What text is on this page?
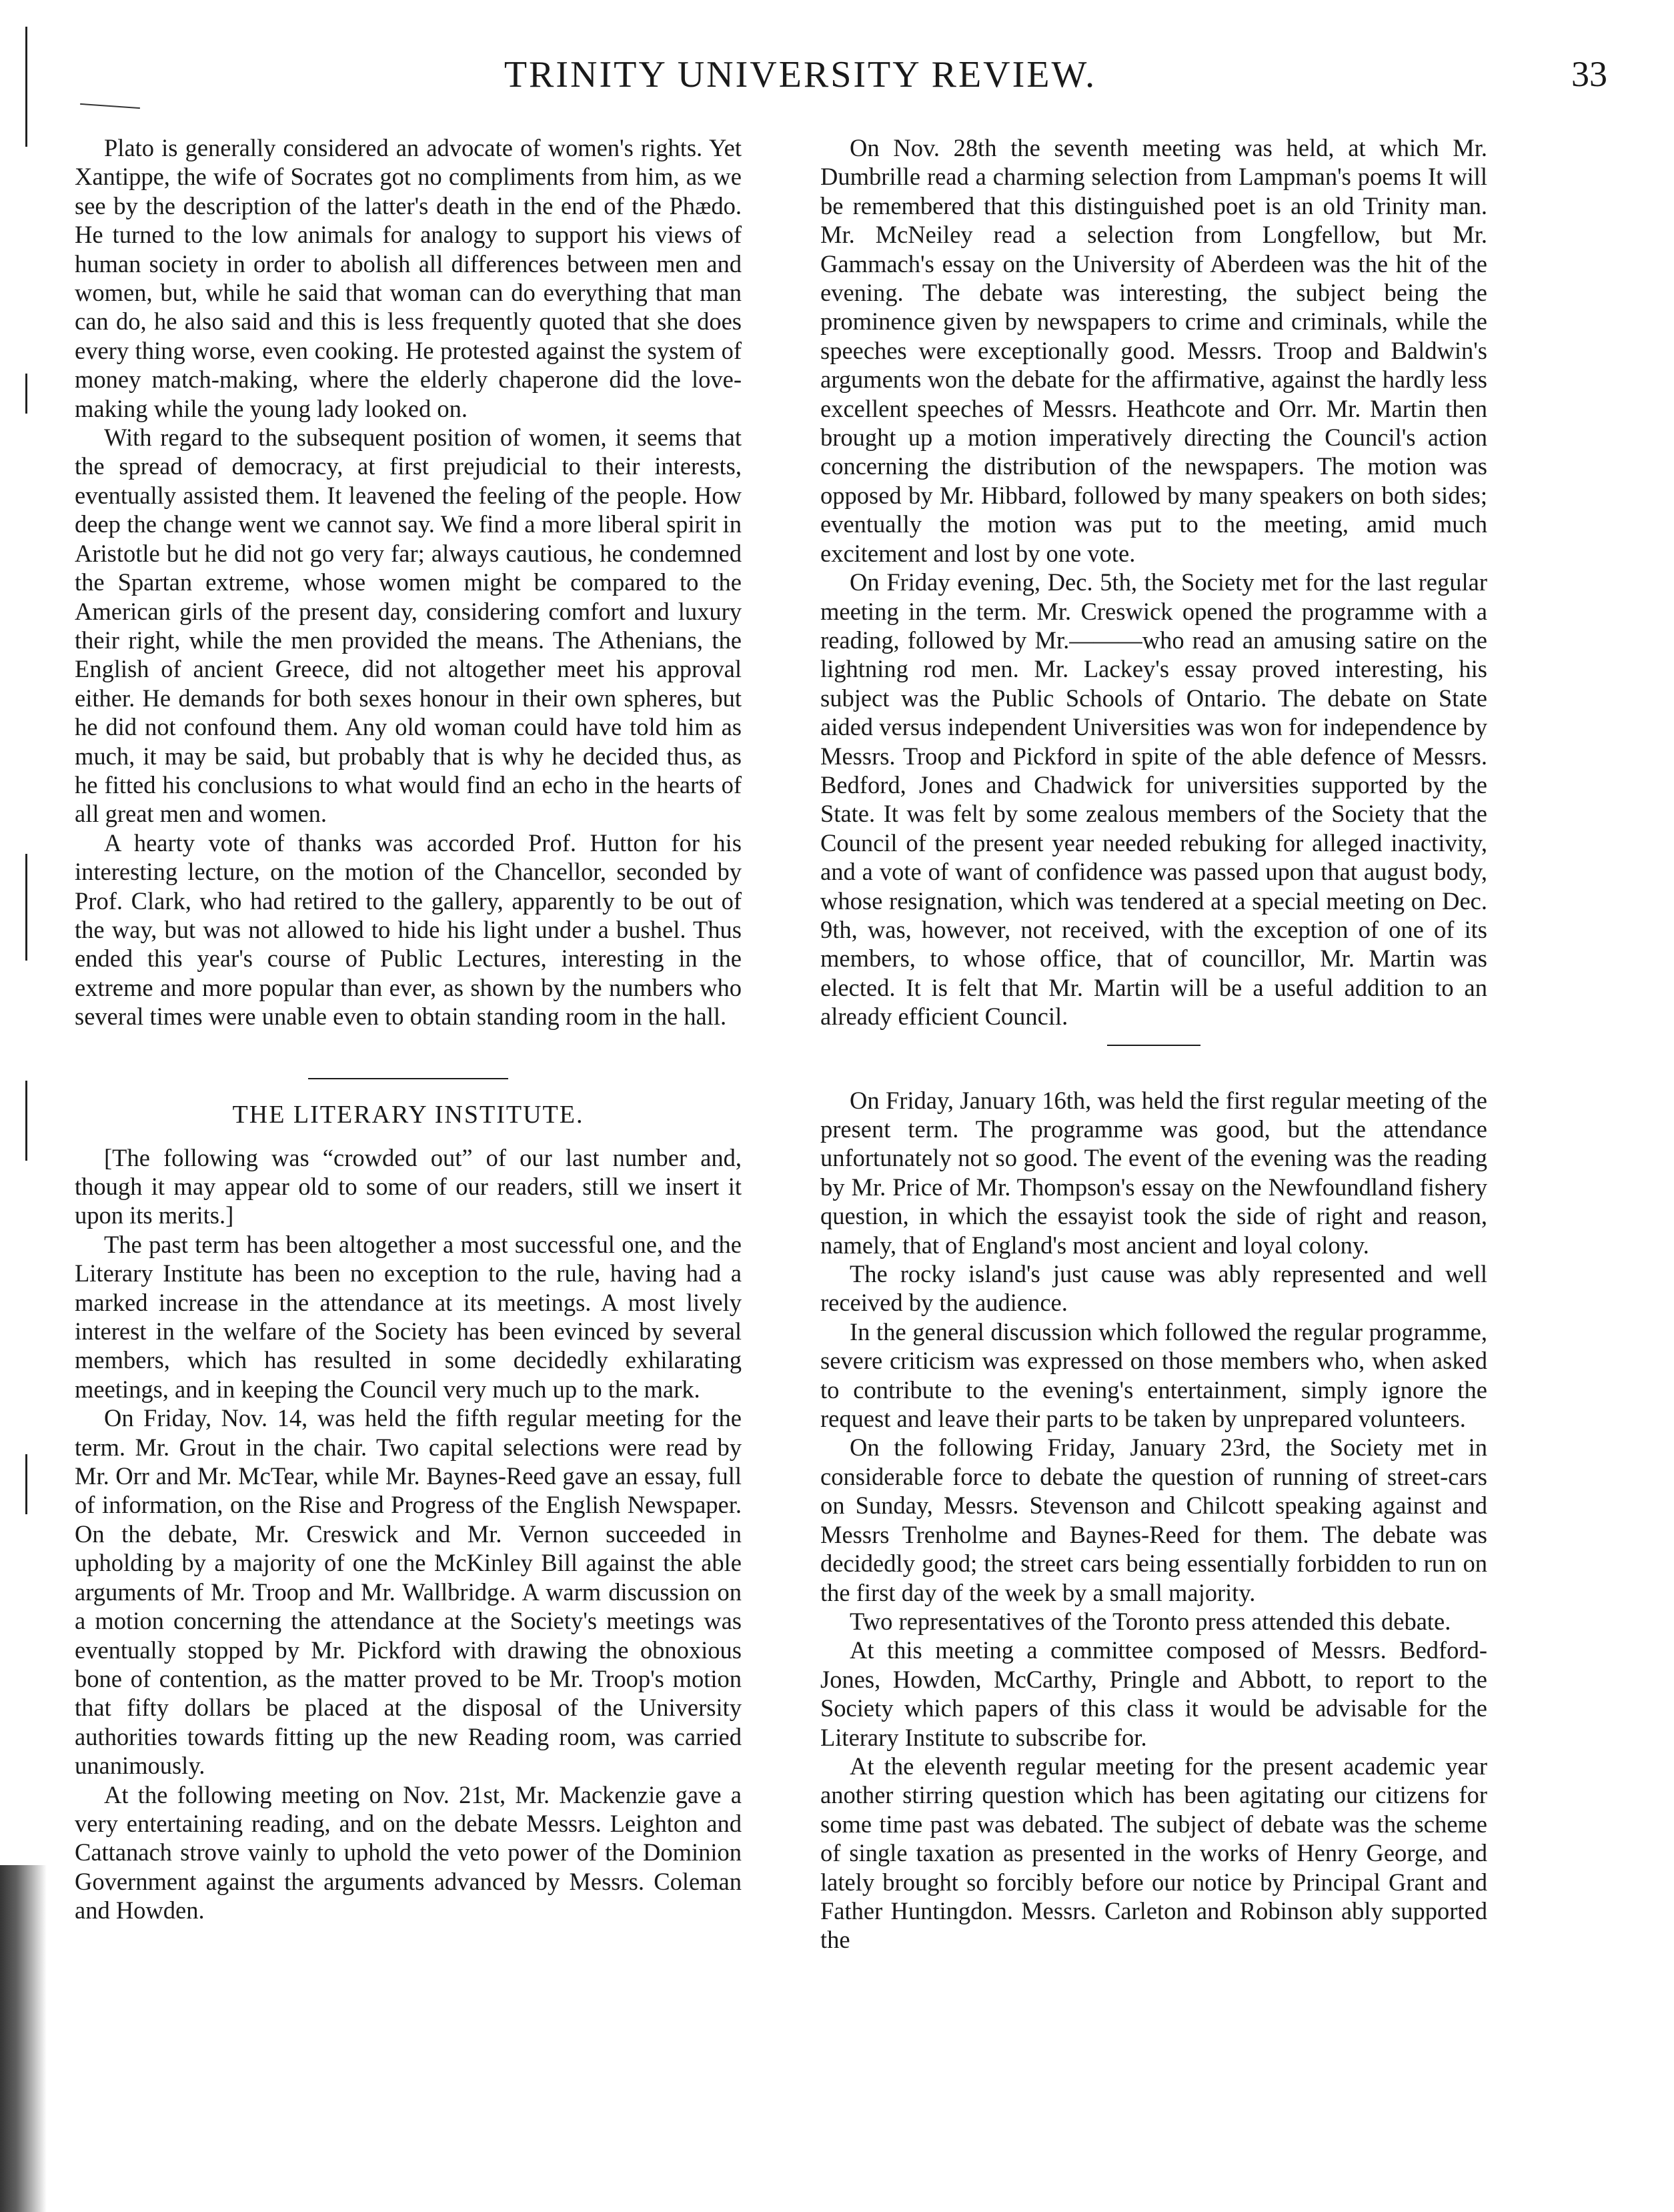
TRINITY UNIVERSITY REVIEW.	33

Plato is generally considered an advocate of women's rights. Yet Xantippe, the wife of Socrates got no compliments from him, as we see by the description of the latter's death in the end of the Phædo. He turned to the low animals for analogy to support his views of human society in order to abolish all differences between men and women, but, while he said that woman can do everything that man can do, he also said and this is less frequently quoted that she does every thing worse, even cooking. He protested against the system of money match-making, where the elderly chaperone did the love-making while the young lady looked on.

With regard to the subsequent position of women, it seems that the spread of democracy, at first prejudicial to their interests, eventually assisted them. It leavened the feeling of the people. How deep the change went we cannot say. We find a more liberal spirit in Aristotle but he did not go very far; always cautious, he condemned the Spartan extreme, whose women might be compared to the American girls of the present day, considering comfort and luxury their right, while the men provided the means. The Athenians, the English of ancient Greece, did not altogether meet his approval either. He demands for both sexes honour in their own spheres, but he did not confound them. Any old woman could have told him as much, it may be said, but probably that is why he decided thus, as he fitted his conclusions to what would find an echo in the hearts of all great men and women.

A hearty vote of thanks was accorded Prof. Hutton for his interesting lecture, on the motion of the Chancellor, seconded by Prof. Clark, who had retired to the gallery, apparently to be out of the way, but was not allowed to hide his light under a bushel. Thus ended this year's course of Public Lectures, interesting in the extreme and more popular than ever, as shown by the numbers who several times were unable even to obtain standing room in the hall.

THE LITERARY INSTITUTE.

[The following was “crowded out” of our last number and, though it may appear old to some of our readers, still we insert it upon its merits.]

The past term has been altogether a most successful one, and the Literary Institute has been no exception to the rule, having had a marked increase in the attendance at its meetings. A most lively interest in the welfare of the Society has been evinced by several members, which has resulted in some decidedly exhilarating meetings, and in keeping the Council very much up to the mark.

On Friday, Nov. 14, was held the fifth regular meeting for the term. Mr. Grout in the chair. Two capital selections were read by Mr. Orr and Mr. McTear, while Mr. Baynes-Reed gave an essay, full of information, on the Rise and Progress of the English Newspaper. On the debate, Mr. Creswick and Mr. Vernon succeeded in upholding by a majority of one the McKinley Bill against the able arguments of Mr. Troop and Mr. Wallbridge. A warm discussion on a motion concerning the attendance at the Society's meetings was eventually stopped by Mr. Pickford with drawing the obnoxious bone of contention, as the matter proved to be Mr. Troop's motion that fifty dollars be placed at the disposal of the University authorities towards fitting up the new Reading room, was carried unanimously.

At the following meeting on Nov. 21st, Mr. Mackenzie gave a very entertaining reading, and on the debate Messrs. Leighton and Cattanach strove vainly to uphold the veto power of the Dominion Government against the arguments advanced by Messrs. Coleman and Howden.

On Nov. 28th the seventh meeting was held, at which Mr. Dumbrille read a charming selection from Lampman's poems It will be remembered that this distinguished poet is an old Trinity man. Mr. McNeiley read a selection from Longfellow, but Mr. Gammach's essay on the University of Aberdeen was the hit of the evening. The debate was interesting, the subject being the prominence given by newspapers to crime and criminals, while the speeches were exceptionally good. Messrs. Troop and Baldwin's arguments won the debate for the affirmative, against the hardly less excellent speeches of Messrs. Heathcote and Orr. Mr. Martin then brought up a motion imperatively directing the Council's action concerning the distribution of the newspapers. The motion was opposed by Mr. Hibbard, followed by many speakers on both sides; eventually the motion was put to the meeting, amid much excitement and lost by one vote.

On Friday evening, Dec. 5th, the Society met for the last regular meeting in the term. Mr. Creswick opened the programme with a reading, followed by Mr.———who read an amusing satire on the lightning rod men. Mr. Lackey's essay proved interesting, his subject was the Public Schools of Ontario. The debate on State aided versus independent Universities was won for independence by Messrs. Troop and Pickford in spite of the able defence of Messrs. Bedford, Jones and Chadwick for universities supported by the State. It was felt by some zealous members of the Society that the Council of the present year needed rebuking for alleged inactivity, and a vote of want of confidence was passed upon that august body, whose resignation, which was tendered at a special meeting on Dec. 9th, was, however, not received, with the exception of one of its members, to whose office, that of councillor, Mr. Martin was elected. It is felt that Mr. Martin will be a useful addition to an already efficient Council.

On Friday, January 16th, was held the first regular meeting of the present term. The programme was good, but the attendance unfortunately not so good. The event of the evening was the reading by Mr. Price of Mr. Thompson's essay on the Newfoundland fishery question, in which the essayist took the side of right and reason, namely, that of England's most ancient and loyal colony.

The rocky island's just cause was ably represented and well received by the audience.

In the general discussion which followed the regular programme, severe criticism was expressed on those members who, when asked to contribute to the evening's entertainment, simply ignore the request and leave their parts to be taken by unprepared volunteers.

On the following Friday, January 23rd, the Society met in considerable force to debate the question of running of street-cars on Sunday, Messrs. Stevenson and Chilcott speaking against and Messrs Trenholme and Baynes-Reed for them. The debate was decidedly good; the street cars being essentially forbidden to run on the first day of the week by a small majority.

Two representatives of the Toronto press attended this debate.

At this meeting a committee composed of Messrs. Bedford-Jones, Howden, McCarthy, Pringle and Abbott, to report to the Society which papers of this class it would be advisable for the Literary Institute to subscribe for.

At the eleventh regular meeting for the present academic year another stirring question which has been agitating our citizens for some time past was debated. The subject of debate was the scheme of single taxation as presented in the works of Henry George, and lately brought so forcibly before our notice by Principal Grant and Father Huntingdon. Messrs. Carleton and Robinson ably supported the
